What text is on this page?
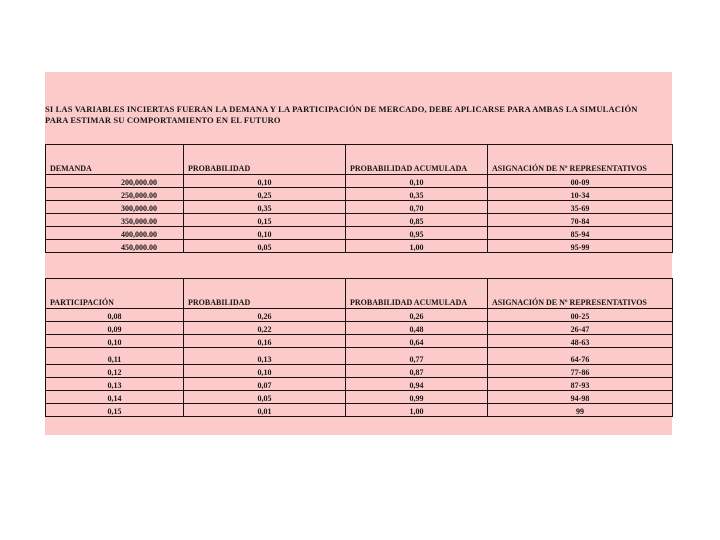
SI LAS VARIABLES INCIERTAS FUERAN LA DEMANA Y LA PARTICIPACIÓN DE MERCADO, DEBE APLICARSE PARA AMBAS LA SIMULACIÓN PARA ESTIMAR SU COMPORTAMIENTO EN EL FUTURO
DEMANDA	PROBABILIDAD	PROBABILIDAD ACUMULADA	ASIGNACIÓN DE Nº REPRESENTATIVOS
200,000.00	0,10	0,10	00-09
250,000.00	0,25	0,35	10-34
300,000.00	0,35	0,70	35-69
350,000.00	0,15	0,85	70-84
400,000.00	0,10	0,95	85-94
450,000.00	0,05	1,00	95-99
PARTICIPACIÓN	PROBABILIDAD	PROBABILIDAD ACUMULADA	ASIGNACIÓN DE Nº REPRESENTATIVOS
0,08	0,26	0,26	00-25
0,09	0,22	0,48	26-47
0,10	0,16	0,64	48-63
0,11	0,13	0,77	64-76
0,12	0,10	0,87	77-86
0,13	0,07	0,94	87-93
0,14	0,05	0,99	94-98
0,15	0,01	1,00	99
